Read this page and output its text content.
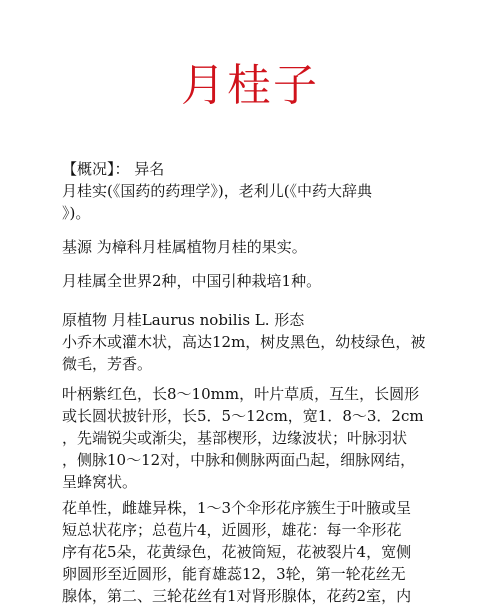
月桂子
【概况】： 异名
月桂实(《国药的药理学》)，老利儿(《中药大辞典
》)。
基源 为樟科月桂属植物月桂的果实。
月桂属全世界2种，中国引种栽培1种。
原植物 月桂Laurus nobilis L. 形态
小乔木或灌木状，高达12m，树皮黑色，幼枝绿色，被
微毛，芳香。
叶柄紫红色，长8～10mm，叶片草质，互生，长圆形
或长圆状披针形，长5．5～12cm，宽1．8～3．2cm
，先端锐尖或渐尖，基部楔形，边缘波状；叶脉羽状
，侧脉10～12对，中脉和侧脉两面凸起，细脉网结，
呈蜂窝状。
花单性，雌雄异株，1～3个伞形花序簇生于叶腋或呈
短总状花序；总苞片4，近圆形，雄花：每一伞形花
序有花5朵，花黄绿色，花被筒短，花被裂片4，宽侧
卵圆形至近圆形，能育雄蕊12，3轮，第一轮花丝无
腺体，第二、三轮花丝有1对肾形腺体，花药2室，内
